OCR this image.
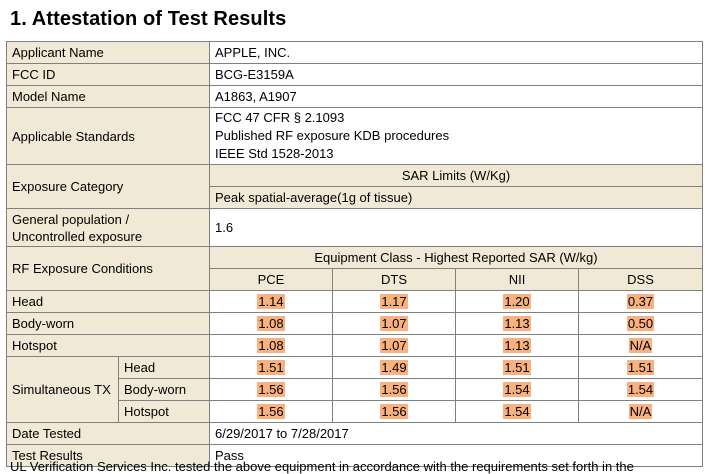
1. Attestation of Test Results
Applicant Name		APPLE, INC.			
FCC ID		BCG-E3159A			
Model Name		A1863, A1907			
Applicable Standards		FCC 47 CFR § 2.1093
Published RF exposure KDB procedures
IEEE Std 1528-2013			

Exposure Category		SAR Limits (W/Kg)			
		Peak spatial-average(1g of tissue)			

General population /
Uncontrolled exposure		1.6			
RF Exposure Conditions		Equipment Class - Highest Reported SAR (W/kg)			
		PCE	DTS	NII	DSS
Head		1.14	1.17	1.20	0.37
Body-worn		1.08	1.07	1.13	0.50
Hotspot		1.08	1.07	1.13	N/A
Simultaneous TX	Head	1.51	1.49	1.51	1.51
	Body-worn	1.56	1.56	1.54	1.54
	Hotspot	1.56	1.56	1.54	N/A
Date Tested		6/29/2017 to 7/28/2017			
Test Results		Pass			
UL Verification Services Inc. tested the above equipment in accordance with the requirements set forth in the
